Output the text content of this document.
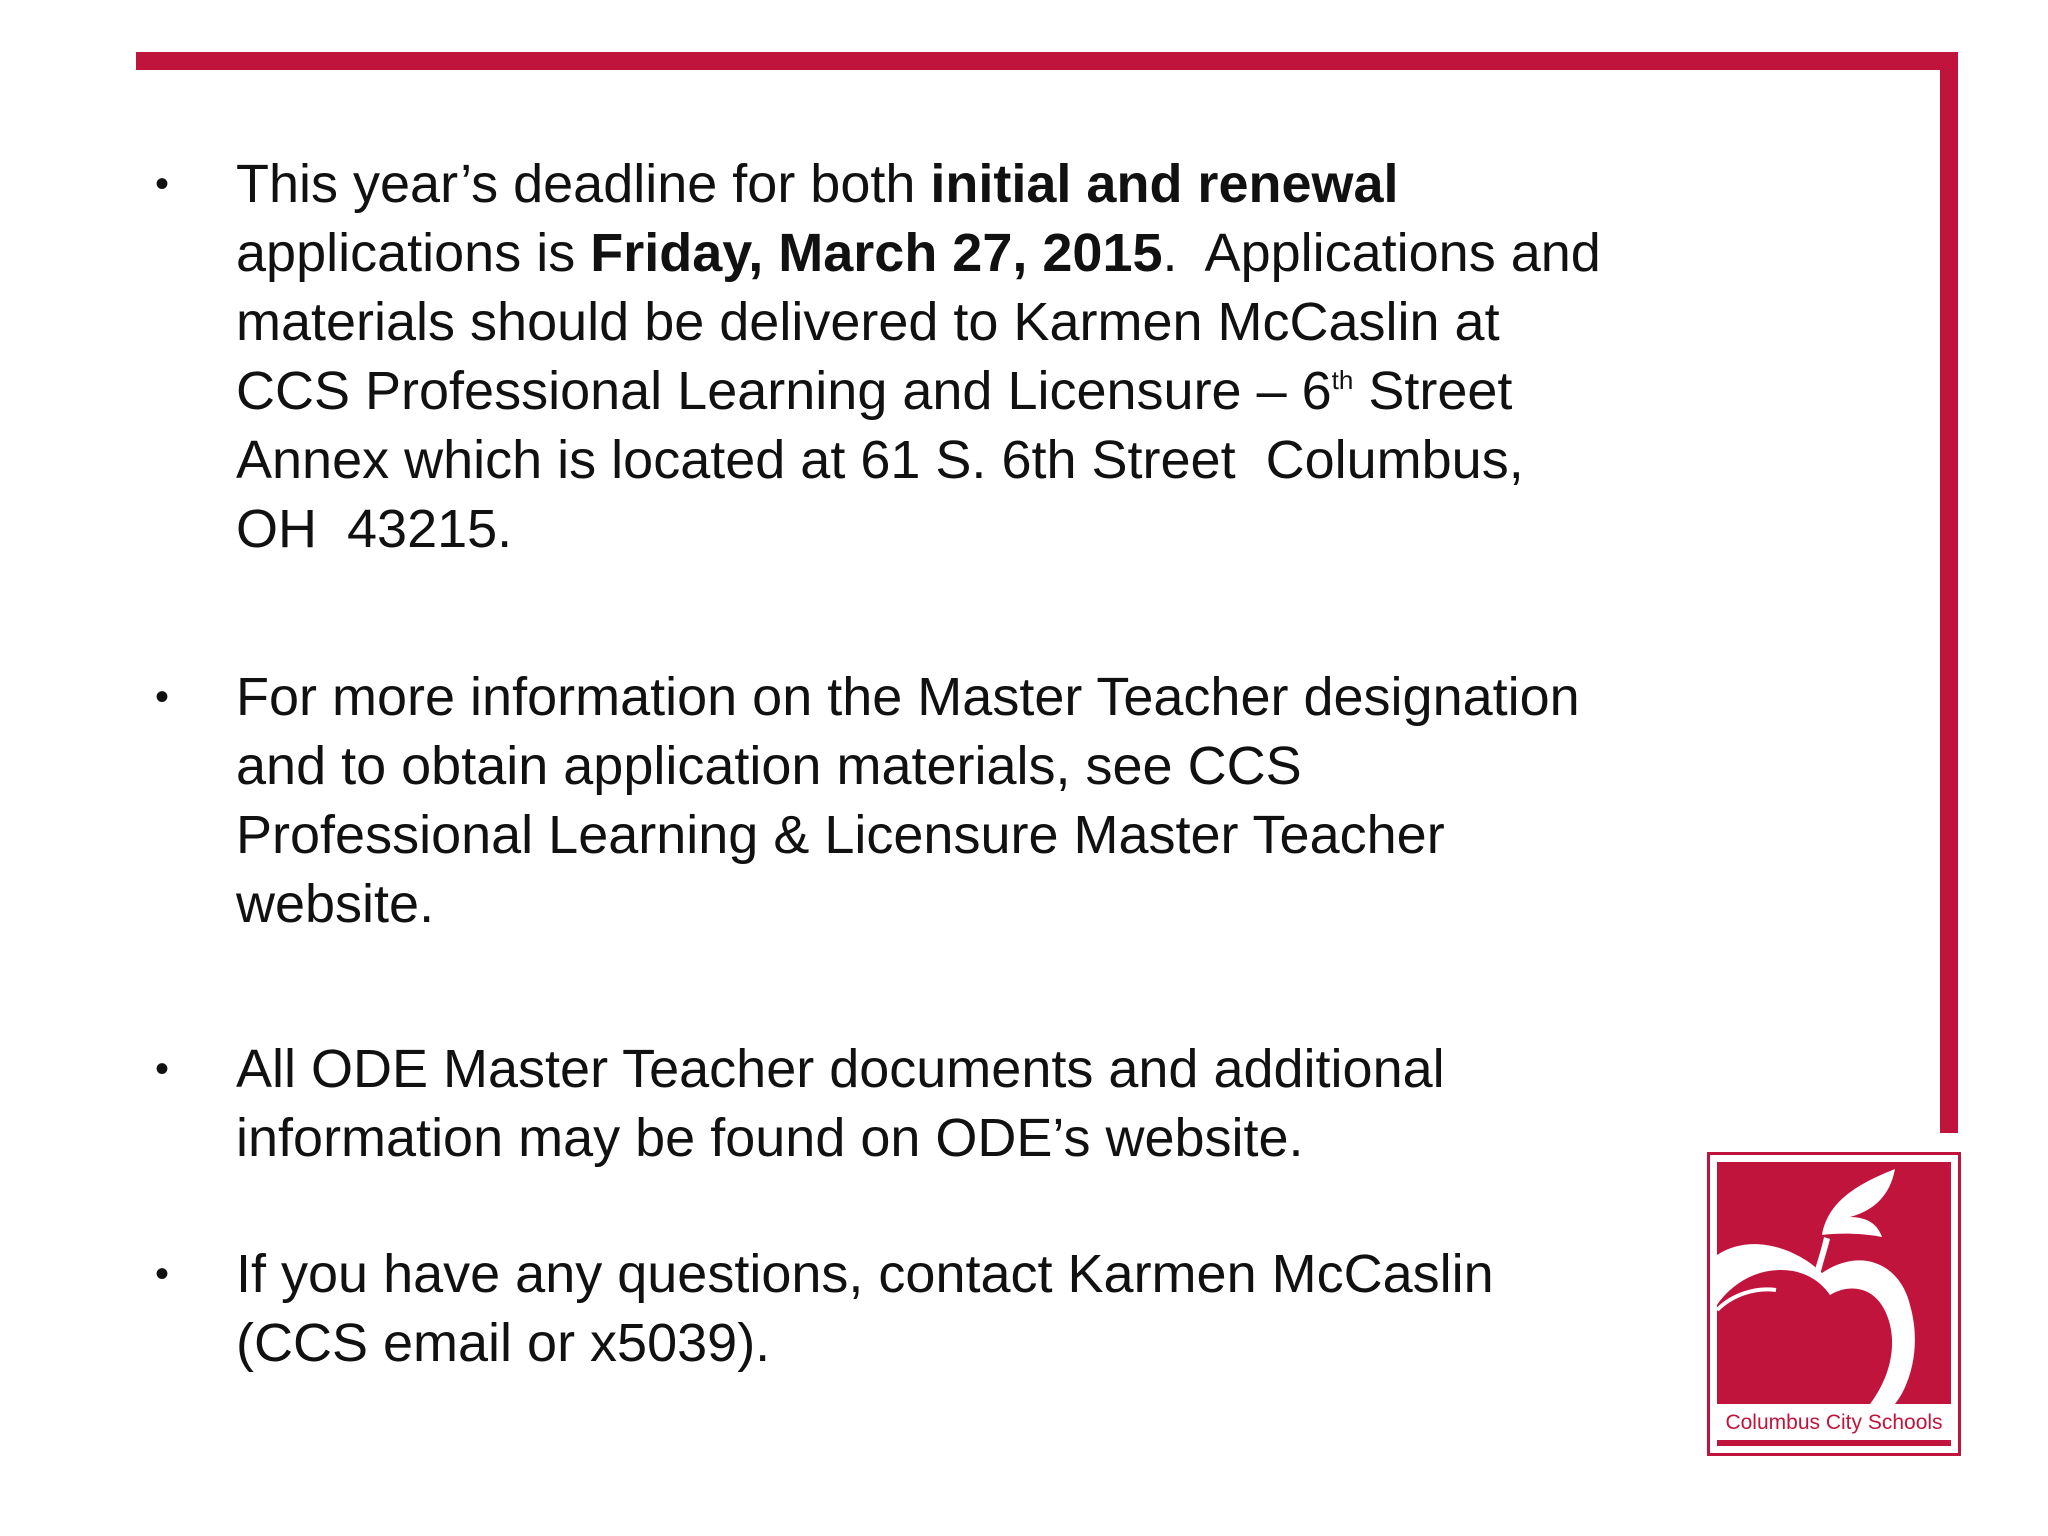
• This year’s deadline for both initial and renewal
applications is Friday, March 27, 2015.  Applications and
materials should be delivered to Karmen McCaslin at
CCS Professional Learning and Licensure – 6th Street
Annex which is located at 61 S. 6th Street  Columbus,
OH  43215.
• For more information on the Master Teacher designation
and to obtain application materials, see CCS
Professional Learning & Licensure Master Teacher
website.
• All ODE Master Teacher documents and additional
information may be found on ODE’s website.
• If you have any questions, contact Karmen McCaslin
(CCS email or x5039).
Columbus City Schools
